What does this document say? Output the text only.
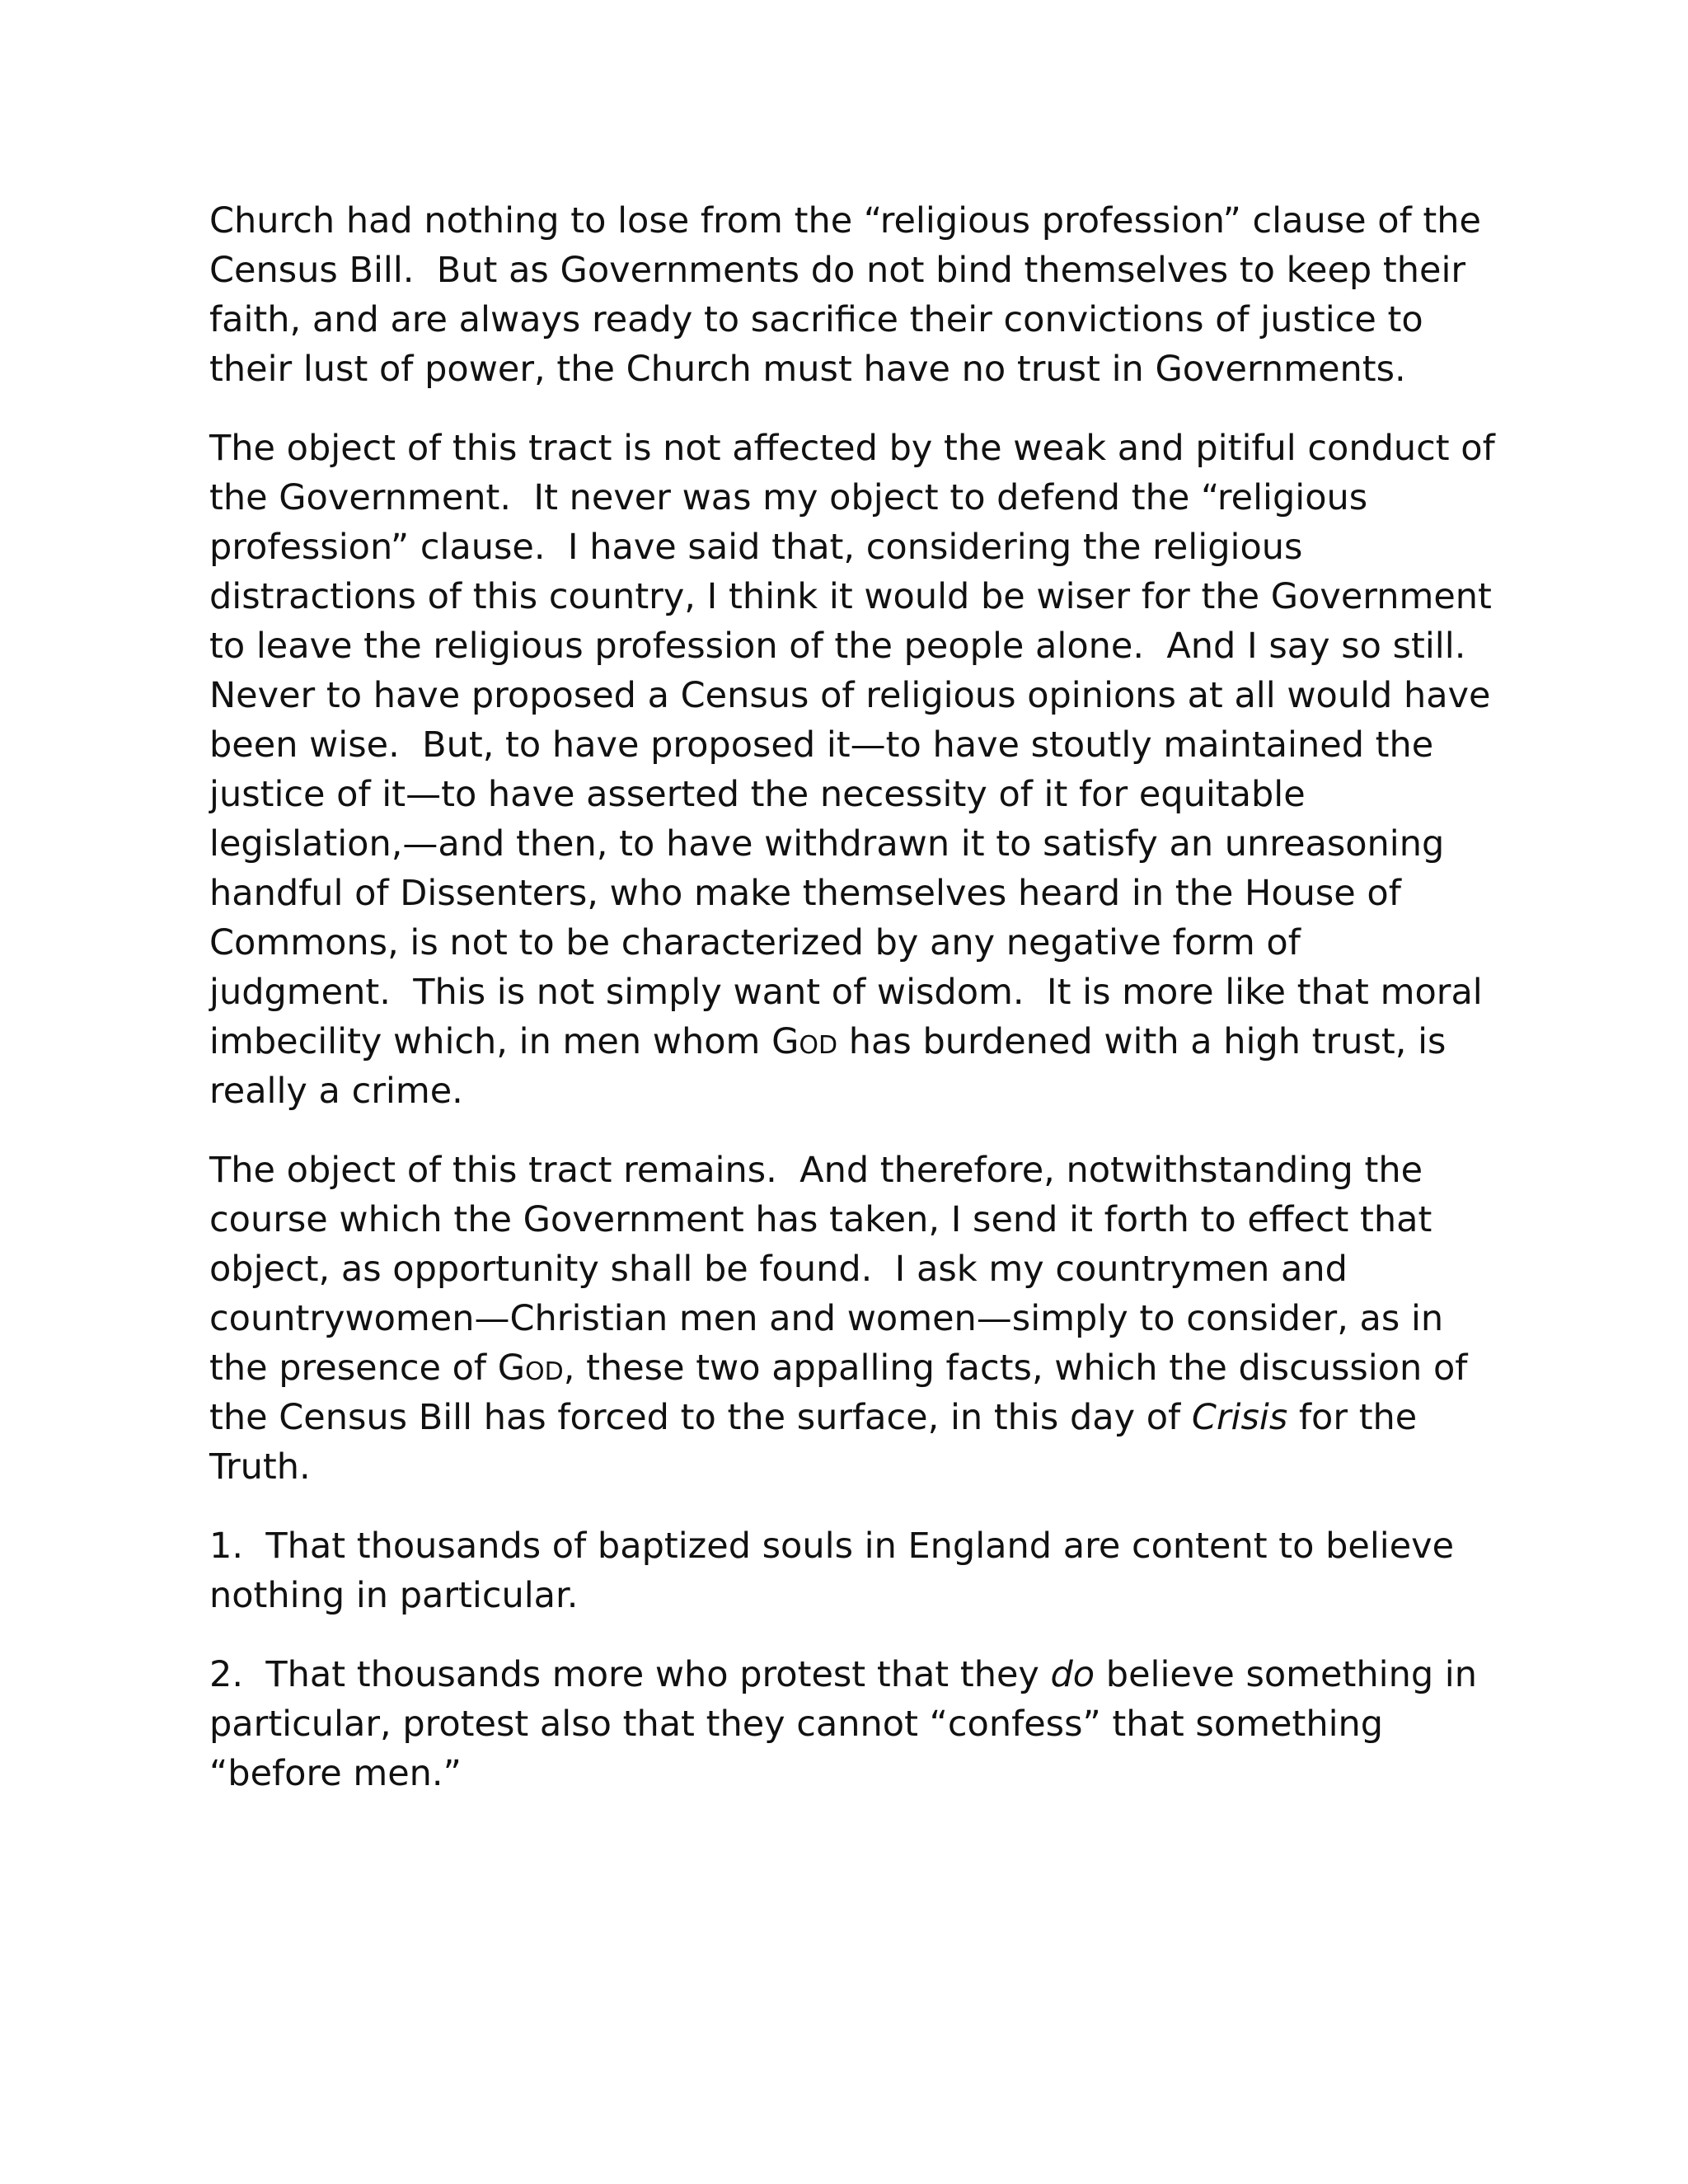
Church had nothing to lose from the “religious profession” clause of the Census Bill.  But as Governments do not bind themselves to keep their faith, and are always ready to sacrifice their convictions of justice to their lust of power, the Church must have no trust in Governments.

The object of this tract is not affected by the weak and pitiful conduct of the Government.  It never was my object to defend the “religious profession” clause.  I have said that, considering the religious distractions of this country, I think it would be wiser for the Government to leave the religious profession of the people alone.  And I say so still.  Never to have proposed a Census of religious opinions at all would have been wise.  But, to have proposed it—to have stoutly maintained the justice of it—to have asserted the necessity of it for equitable legislation,—and then, to have withdrawn it to satisfy an unreasoning handful of Dissenters, who make themselves heard in the House of Commons, is not to be characterized by any negative form of judgment.  This is not simply want of wisdom.  It is more like that moral imbecility which, in men whom God has burdened with a high trust, is really a crime.

The object of this tract remains.  And therefore, notwithstanding the course which the Government has taken, I send it forth to effect that object, as opportunity shall be found.  I ask my countrymen and countrywomen—Christian men and women—simply to consider, as in the presence of God, these two appalling facts, which the discussion of the Census Bill has forced to the surface, in this day of Crisis for the Truth.

1.  That thousands of baptized souls in England are content to believe nothing in particular.

2.  That thousands more who protest that they do believe something in particular, protest also that they cannot “confess” that something “before men.”
